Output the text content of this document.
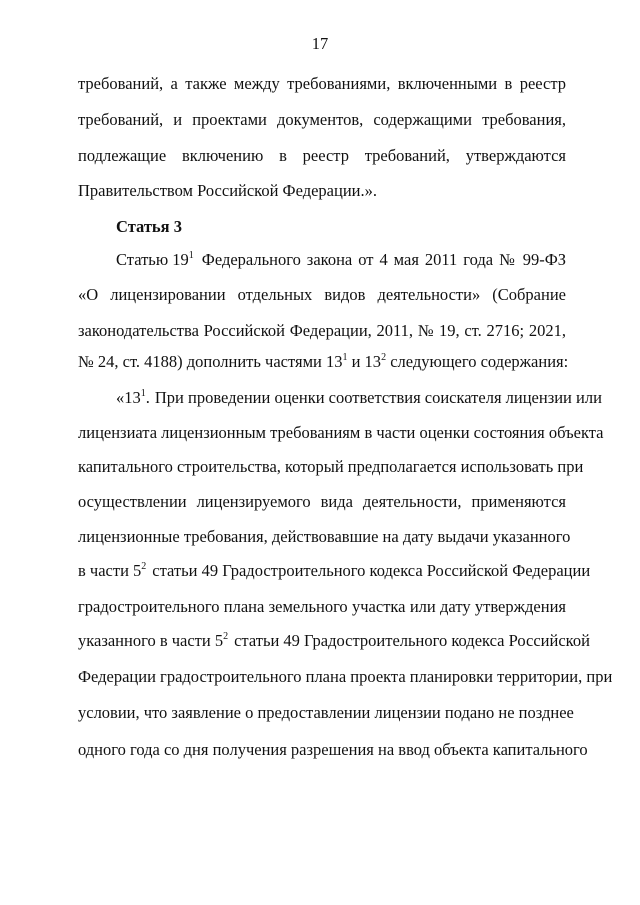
17
требований, а также между требованиями, включенными в реестр
требований, и проектами документов, содержащими требования,
подлежащие включению в реестр требований, утверждаются
Правительством Российской Федерации.».
Статья 3
Статью $19^1$ Федерального закона от 4 мая 2011 года № 99-ФЗ
«О лицензировании отдельных видов деятельности» (Собрание
законодательства Российской Федерации, 2011, № 19, ст. 2716; 2021,
№ 24, ст. 4188) дополнить частями $13^1$ и $13^2$ следующего содержания:
«$13^1$. При проведении оценки соответствия соискателя лицензии или
лицензиата лицензионным требованиям в части оценки состояния объекта
капитального строительства, который предполагается использовать при
осуществлении лицензируемого вида деятельности, применяются
лицензионные требования, действовавшие на дату выдачи указанного
в части $5^2$ статьи 49 Градостроительного кодекса Российской Федерации
градостроительного плана земельного участка или дату утверждения
указанного в части $5^2$ статьи 49 Градостроительного кодекса Российской
Федерации градостроительного плана проекта планировки территории, при
условии, что заявление о предоставлении лицензии подано не позднее
одного года со дня получения разрешения на ввод объекта капитального
